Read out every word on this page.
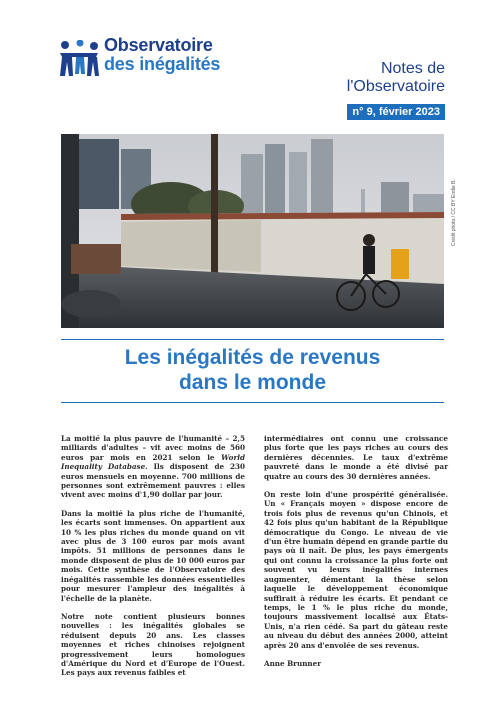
Observatoire
des inégalités	Notes de
l'Observatoire
n° 9, février 2023
Crédit photo / CC BY Endie B.
Les inégalités de revenus
dans le monde

La moitié la plus pauvre de l'humanité – 2,5 milliards d'adultes – vit avec moins de 560 euros par mois en 2021 selon le World Inequality Database. Ils disposent de 230 euros mensuels en moyenne. 700 millions de personnes sont extrêmement pauvres : elles vivent avec moins d'1,90 dollar par jour.

Dans la moitié la plus riche de l'humanité, les écarts sont immenses. On appartient aux 10 % les plus riches du monde quand on vit avec plus de 3 100 euros par mois avant impôts. 51 millions de personnes dans le monde disposent de plus de 10 000 euros par mois. Cette synthèse de l'Observatoire des inégalités rassemble les données essentielles pour mesurer l'ampleur des inégalités à l'échelle de la planète.

Notre note contient plusieurs bonnes nouvelles : les inégalités globales se réduisent depuis 20 ans. Les classes moyennes et riches chinoises rejoignent progressivement leurs homologues d'Amérique du Nord et d'Europe de l'Ouest. Les pays aux revenus faibles et

intermédiaires ont connu une croissance plus forte que les pays riches au cours des dernières décennies. Le taux d'extrême pauvreté dans le monde a été divisé par quatre au cours des 30 dernières années.

On reste loin d'une prospérité généralisée. Un « Français moyen » dispose encore de trois fois plus de revenus qu'un Chinois, et 42 fois plus qu'un habitant de la République démocratique du Congo. Le niveau de vie d'un être humain dépend en grande partie du pays où il naît. De plus, les pays émergents qui ont connu la croissance la plus forte ont souvent vu leurs inégalités internes augmenter, démentant la thèse selon laquelle le développement économique suffirait à réduire les écarts. Et pendant ce temps, le 1 % le plus riche du monde, toujours massivement localisé aux États-Unis, n'a rien cédé. Sa part du gâteau reste au niveau du début des années 2000, atteint après 20 ans d'envolée de ses revenus.

Anne Brunner
